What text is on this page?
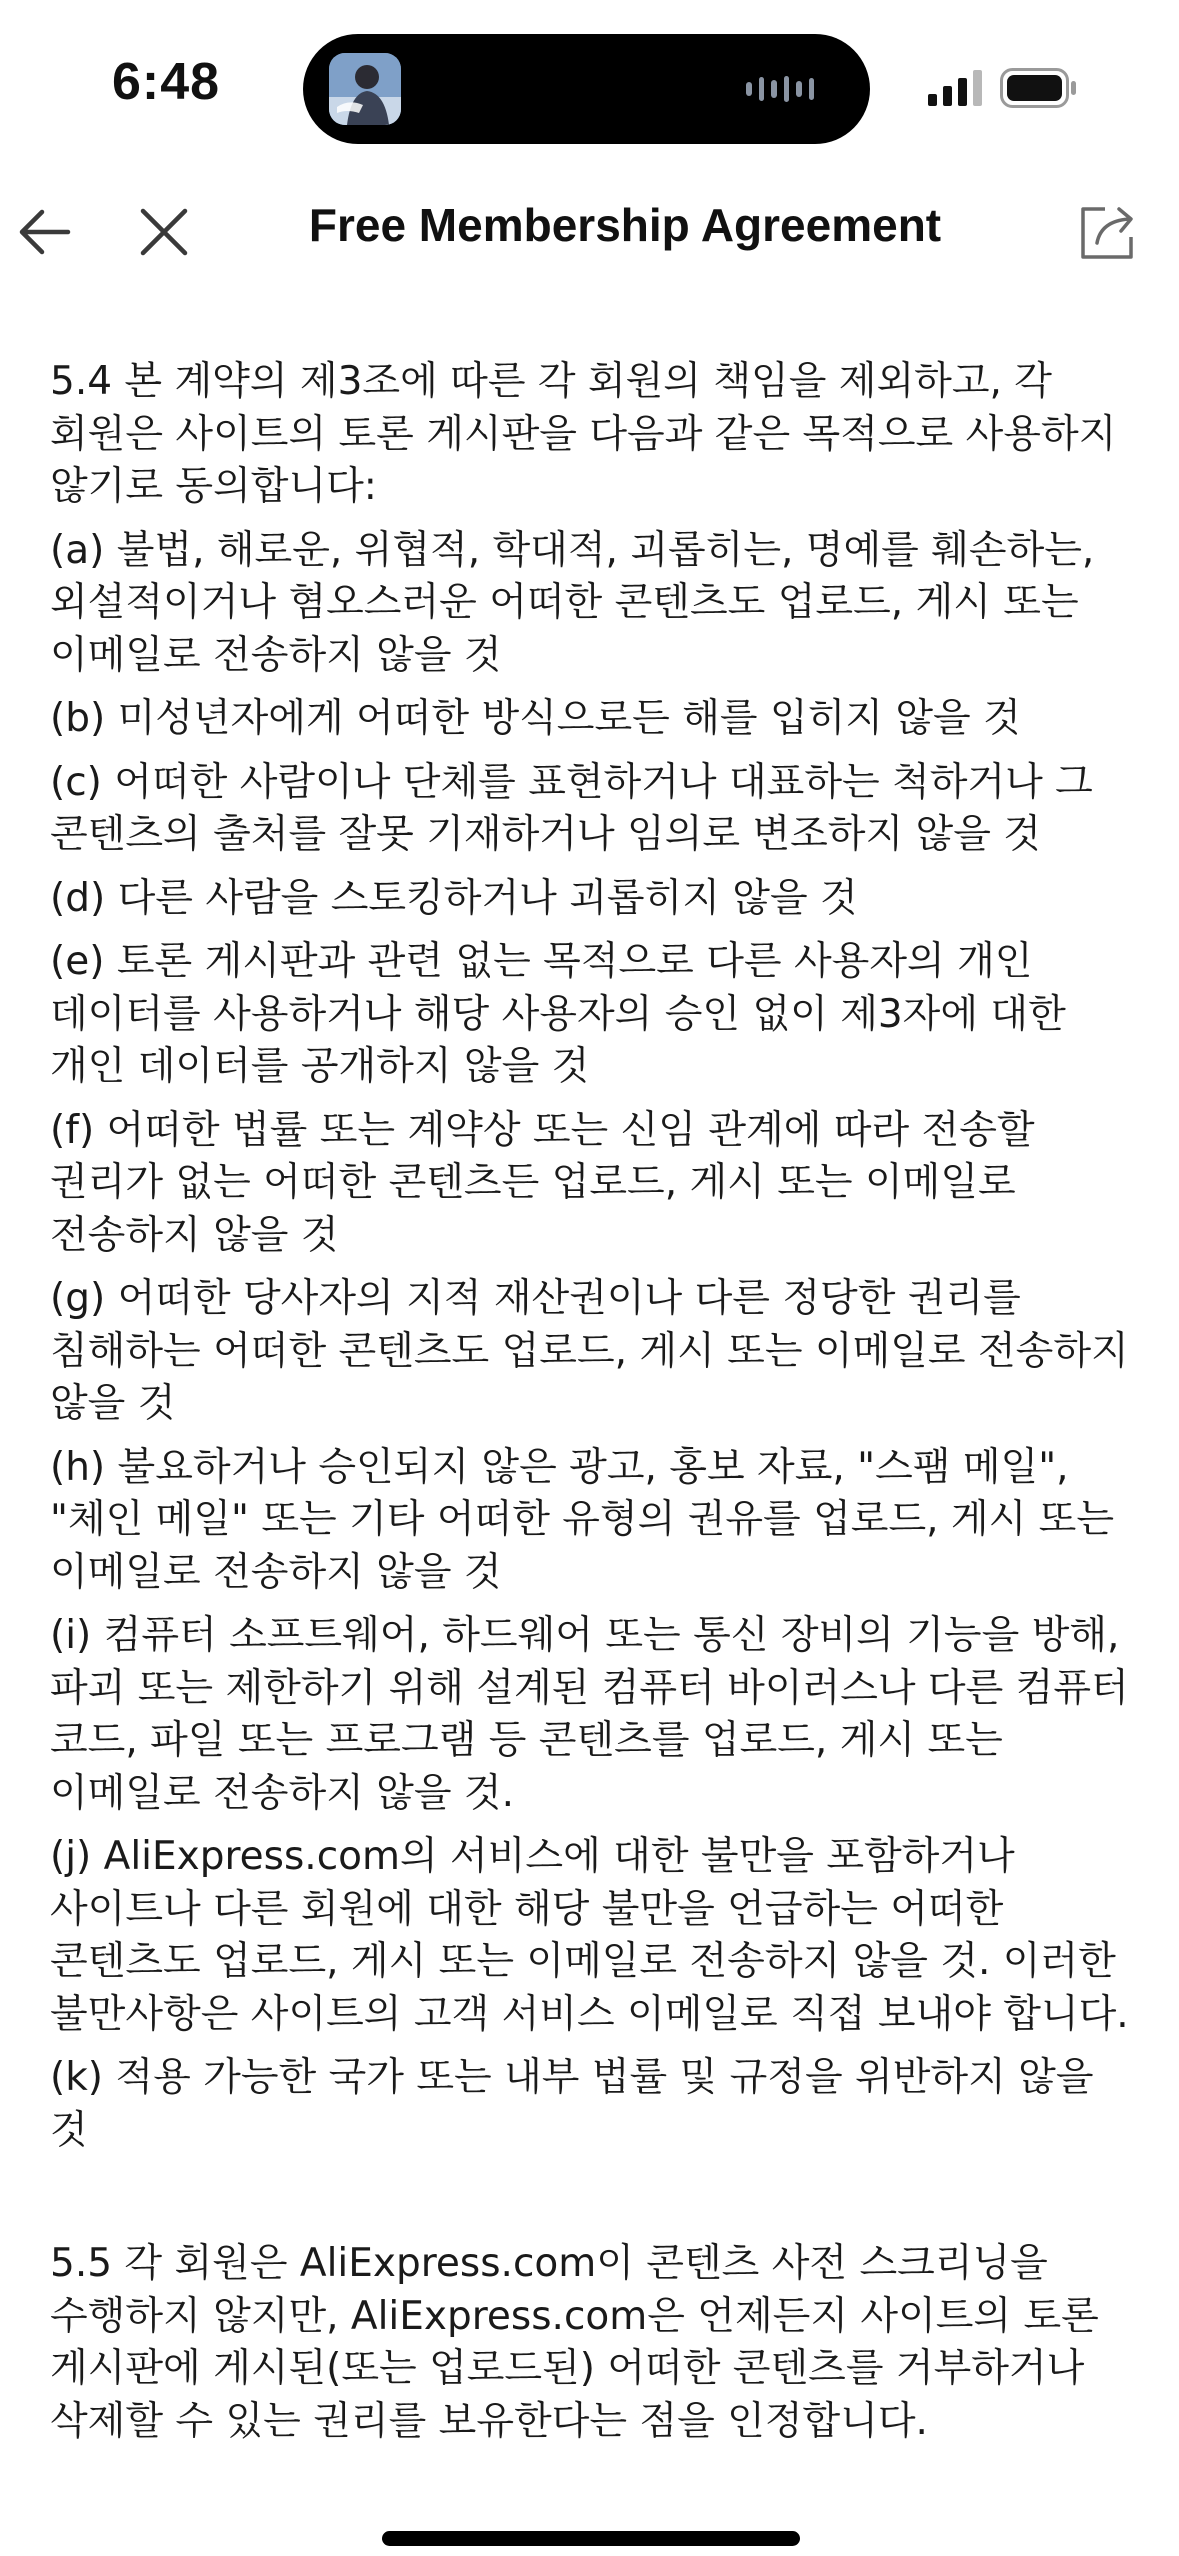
6:48
Free Membership Agreement

5.4 본 계약의 제3조에 따른 각 회원의 책임을 제외하고, 각 회원은 사이트의 토론 게시판을 다음과 같은 목적으로 사용하지 않기로 동의합니다:

(a) 불법, 해로운, 위협적, 학대적, 괴롭히는, 명예를 훼손하는, 외설적이거나 혐오스러운 어떠한 콘텐츠도 업로드, 게시 또는 이메일로 전송하지 않을 것

(b) 미성년자에게 어떠한 방식으로든 해를 입히지 않을 것

(c) 어떠한 사람이나 단체를 표현하거나 대표하는 척하거나 그 콘텐츠의 출처를 잘못 기재하거나 임의로 변조하지 않을 것

(d) 다른 사람을 스토킹하거나 괴롭히지 않을 것

(e) 토론 게시판과 관련 없는 목적으로 다른 사용자의 개인 데이터를 사용하거나 해당 사용자의 승인 없이 제3자에 대한 개인 데이터를 공개하지 않을 것

(f) 어떠한 법률 또는 계약상 또는 신임 관계에 따라 전송할 권리가 없는 어떠한 콘텐츠든 업로드, 게시 또는 이메일로 전송하지 않을 것

(g) 어떠한 당사자의 지적 재산권이나 다른 정당한 권리를 침해하는 어떠한 콘텐츠도 업로드, 게시 또는 이메일로 전송하지 않을 것

(h) 불요하거나 승인되지 않은 광고, 홍보 자료, "스팸 메일", "체인 메일" 또는 기타 어떠한 유형의 권유를 업로드, 게시 또는 이메일로 전송하지 않을 것

(i) 컴퓨터 소프트웨어, 하드웨어 또는 통신 장비의 기능을 방해, 파괴 또는 제한하기 위해 설계된 컴퓨터 바이러스나 다른 컴퓨터 코드, 파일 또는 프로그램 등 콘텐츠를 업로드, 게시 또는 이메일로 전송하지 않을 것.

(j) AliExpress.com의 서비스에 대한 불만을 포함하거나 사이트나 다른 회원에 대한 해당 불만을 언급하는 어떠한 콘텐츠도 업로드, 게시 또는 이메일로 전송하지 않을 것. 이러한 불만사항은 사이트의 고객 서비스 이메일로 직접 보내야 합니다.

(k) 적용 가능한 국가 또는 내부 법률 및 규정을 위반하지 않을 것

5.5 각 회원은 AliExpress.com이 콘텐츠 사전 스크리닝을 수행하지 않지만, AliExpress.com은 언제든지 사이트의 토론 게시판에 게시된(또는 업로드된) 어떠한 콘텐츠를 거부하거나 삭제할 수 있는 권리를 보유한다는 점을 인정합니다.
